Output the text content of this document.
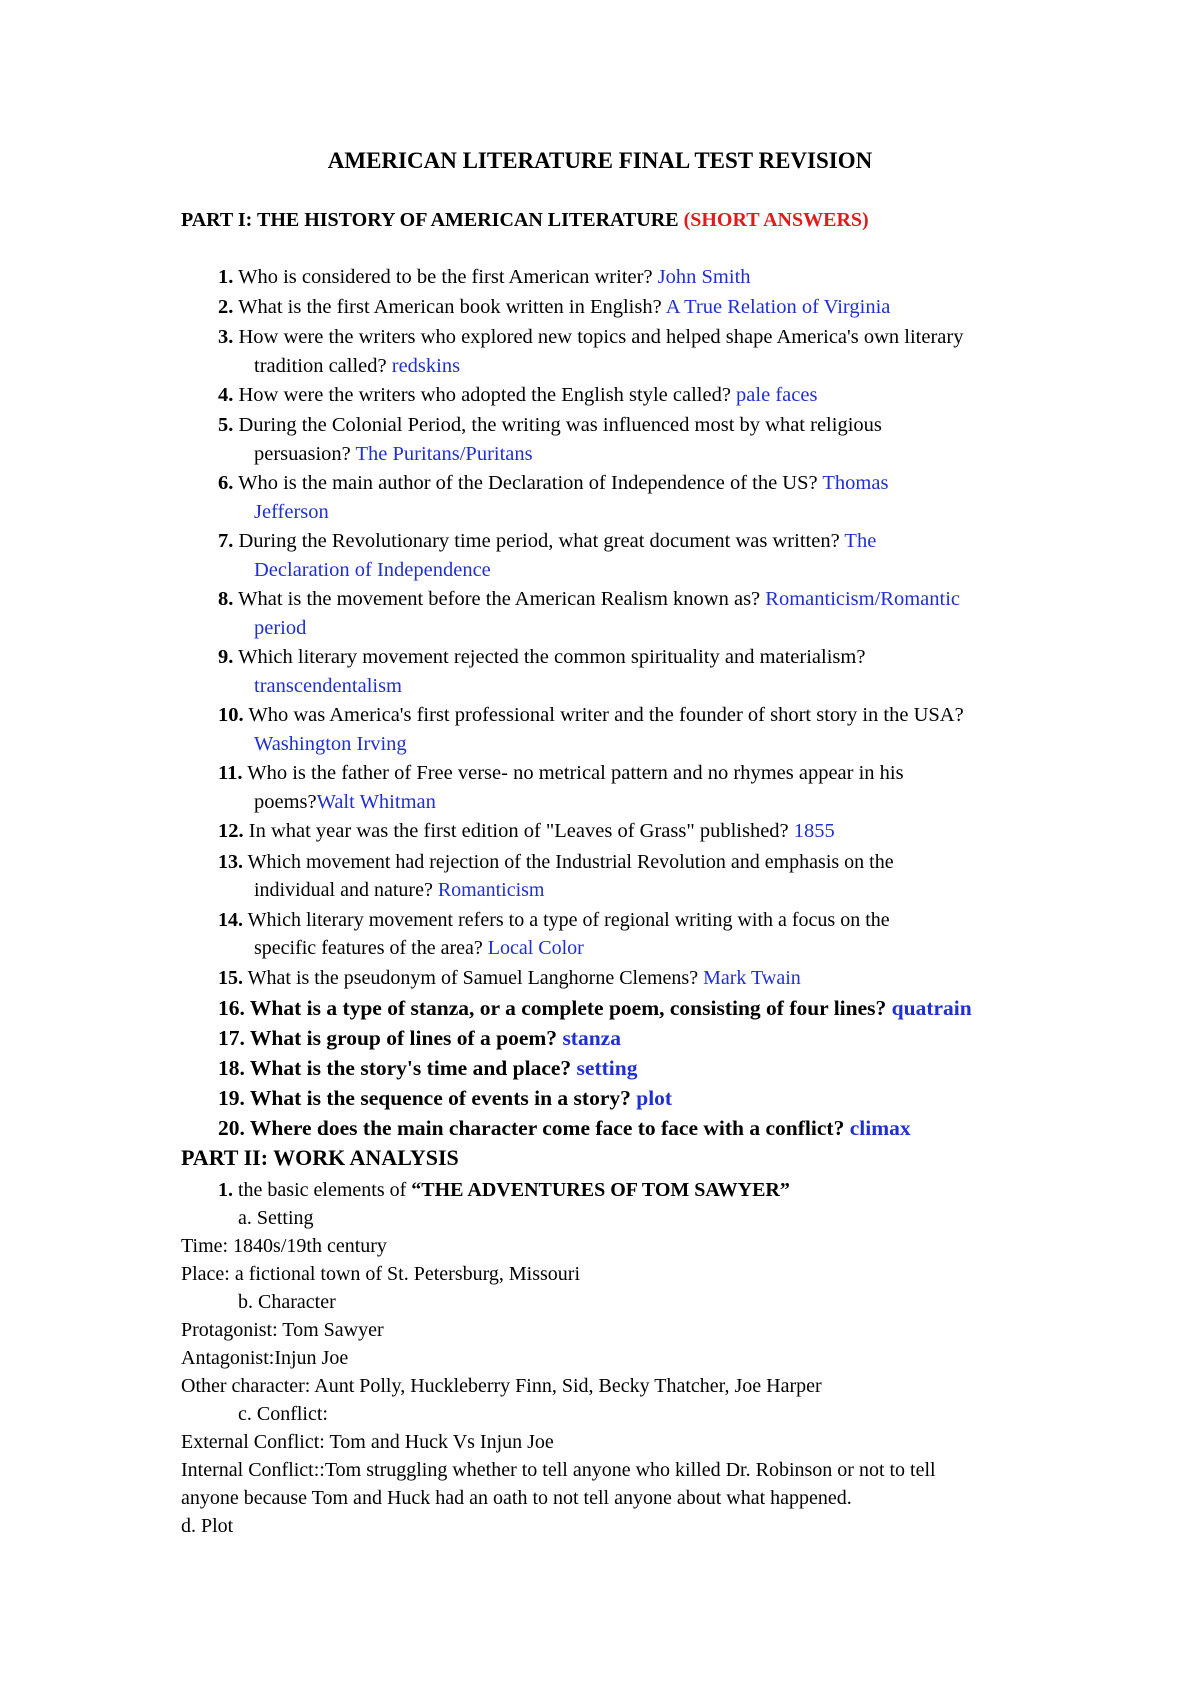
AMERICAN LITERATURE FINAL TEST REVISION
PART I: THE HISTORY OF AMERICAN LITERATURE (SHORT ANSWERS)
1. Who is considered to be the first American writer? John Smith
2. What is the first American book written in English? A True Relation of Virginia
3. How were the writers who explored new topics and helped shape America's own literary
tradition called? redskins
4. How were the writers who adopted the English style called? pale faces
5. During the Colonial Period, the writing was influenced most by what religious
persuasion? The Puritans/Puritans
6. Who is the main author of the Declaration of Independence of the US? Thomas
Jefferson
7. During the Revolutionary time period, what great document was written? The
Declaration of Independence
8. What is the movement before the American Realism known as? Romanticism/Romantic
period
9. Which literary movement rejected the common spirituality and materialism?
transcendentalism
10. Who was America's first professional writer and the founder of short story in the USA?
Washington Irving
11. Who is the father of Free verse- no metrical pattern and no rhymes appear in his
poems?Walt Whitman
12. In what year was the first edition of "Leaves of Grass" published? 1855
13. Which movement had rejection of the Industrial Revolution and emphasis on the
individual and nature? Romanticism
14. Which literary movement refers to a type of regional writing with a focus on the
specific features of the area? Local Color
15. What is the pseudonym of Samuel Langhorne Clemens? Mark Twain
16. What is a type of stanza, or a complete poem, consisting of four lines? quatrain
17. What is group of lines of a poem? stanza
18. What is the story's time and place? setting
19. What is the sequence of events in a story? plot
20. Where does the main character come face to face with a conflict? climax
PART II: WORK ANALYSIS
1. the basic elements of “THE ADVENTURES OF TOM SAWYER”
a. Setting
Time: 1840s/19th century
Place: a fictional town of St. Petersburg, Missouri
b. Character
Protagonist: Tom Sawyer
Antagonist:Injun Joe
Other character: Aunt Polly, Huckleberry Finn, Sid, Becky Thatcher, Joe Harper
c. Conflict:
External Conflict: Tom and Huck Vs Injun Joe
Internal Conflict::Tom struggling whether to tell anyone who killed Dr. Robinson or not to tell
anyone because Tom and Huck had an oath to not tell anyone about what happened.
d. Plot
